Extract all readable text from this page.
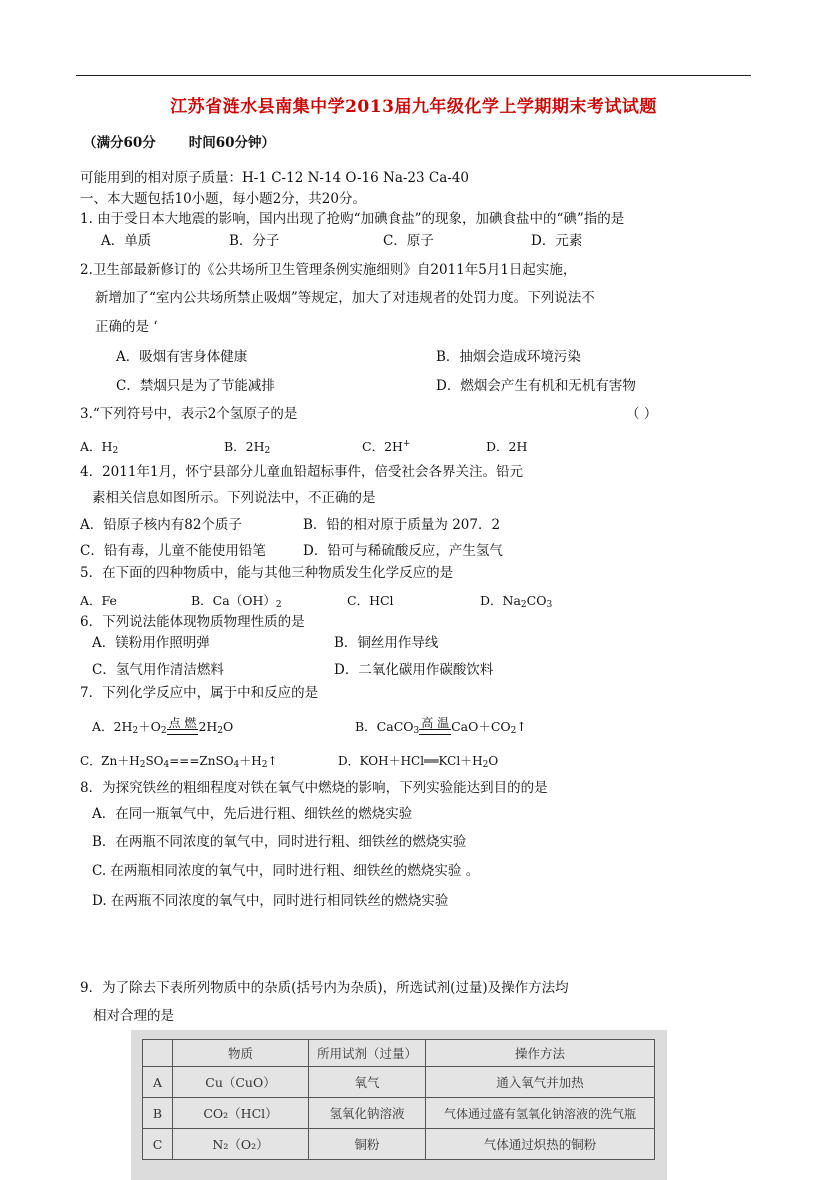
江苏省涟水县南集中学2013届九年级化学上学期期末考试试题
（满分60分 时间60分钟）
可能用到的相对原子质量：H-1 C-12 N-14 O-16 Na-23 Ca-40
一、本大题包括10小题，每小题2分，共20分。
1. 由于受日本大地震的影响，国内出现了抢购“加碘食盐”的现象，加碘食盐中的“碘”指的是
A．单质	B．分子	C．原子	D．元素
2.卫生部最新修订的《公共场所卫生管理条例实施细则》自2011年5月1日起实施，
新增加了“室内公共场所禁止吸烟”等规定，加大了对违规者的处罚力度。下列说法不
正确的是 ‘
A．吸烟有害身体健康	B．抽烟会造成环境污染
C．禁烟只是为了节能减排	D．燃烟会产生有机和无机有害物
3.“下列符号中，表示2个氢原子的是	（ ）
A．$H_2$	B．$2H_2$	C．2H+	D．2H
4．2011年1月，怀宁县部分儿童血铅超标事件，倍受社会各界关注。铅元
素相关信息如图所示。下列说法中，不正确的是
A．铅原子核内有82个质子	B．铅的相对原于质量为 207．2
C．铅有毒，儿童不能使用铅笔	D．铅可与稀硫酸反应，产生氢气
5．在下面的四种物质中，能与其他三种物质发生化学反应的是
A．Fe	B．$Ca(OH)_2$	C．HCl	D．$Na_2CO_3$
6．下列说法能体现物质物理性质的是
A．镁粉用作照明弹	B．铜丝用作导线
C．氢气用作清洁燃料	D．二氧化碳用作碳酸饮料
7．下列化学反应中，属于中和反应的是
A．$2H_2+O_2$
点 燃 $2H_2O$	B．CaCO$_3$
高 温 $CaO+CO_2↑$
C．$Zn+H_2SO_4===ZnSO_4+H_2↑$	D．$KOH+HCl══KCl+H_2O$
8．为探究铁丝的粗细程度对铁在氧气中燃烧的影响，下列实验能达到目的的是
A．在同一瓶氧气中，先后进行粗、细铁丝的燃烧实验
B．在两瓶不同浓度的氧气中，同时进行粗、细铁丝的燃烧实验
C. 在两瓶相同浓度的氧气中，同时进行粗、细铁丝的燃烧实验 。
D. 在两瓶不同浓度的氧气中，同时进行相同铁丝的燃烧实验
9．为了除去下表所列物质中的杂质(括号内为杂质)，所选试剂(过量)及操作方法均
相对合理的是
	物质	所用试剂（过量）	操作方法
A	Cu（CuO）	氧气	通入氧气并加热
B	CO₂（HCl）	氢氧化钠溶液	气体通过盛有氢氧化钠溶液的洗气瓶
C	N₂（O₂）	铜粉	气体通过炽热的铜粉
